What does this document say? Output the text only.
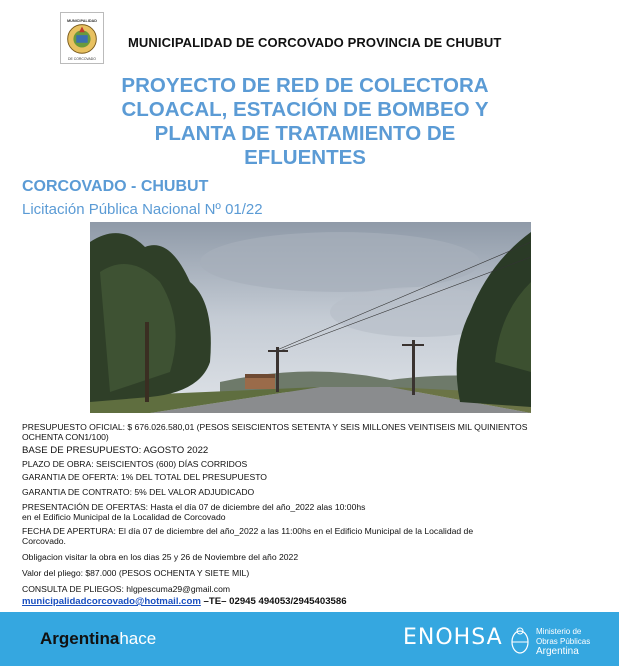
MUNICIPALIDAD
DE CORCOVADO
MUNICIPALIDAD DE CORCOVADO PROVINCIA DE CHUBUT
PROYECTO DE RED DE COLECTORA
CLOACAL, ESTACIÓN DE BOMBEO Y
PLANTA DE TRATAMIENTO DE
EFLUENTES
CORCOVADO - CHUBUT
Licitación Pública Nacional Nº 01/22
PRESUPUESTO OFICIAL: $ 676.026.580,01 (PESOS SEISCIENTOS SETENTA Y SEIS MILLONES VEINTISEIS MIL QUINIENTOS
OCHENTA CON1/100)
BASE DE PRESUPUESTO: AGOSTO 2022
PLAZO DE OBRA: SEISCIENTOS (600) DÍAS CORRIDOS
GARANTIA DE OFERTA: 1% DEL TOTAL DEL PRESUPUESTO
GARANTIA DE CONTRATO: 5% DEL VALOR ADJUDICADO
PRESENTACIÓN DE OFERTAS: Hasta el día 07 de diciembre del año_2022 alas 10:00hs
en el Edificio Municipal de la Localidad de Corcovado
FECHA DE APERTURA: El día 07 de diciembre del año_2022 a las 11:00hs en el Edificio Municipal de la Localidad de
Corcovado.
Obligacion visitar la obra en los dias 25 y 26 de Noviembre del año 2022
Valor del pliego: $87.000 (PESOS OCHENTA Y SIETE MIL)
CONSULTA DE PLIEGOS: hlgpescuma29@gmail.com
municipalidadcorcovado@hotmail.com –TE– 02945 494053/2945403586
Argentinahace	ENOHSA	Ministerio de
Obras Públicas
Argentina
